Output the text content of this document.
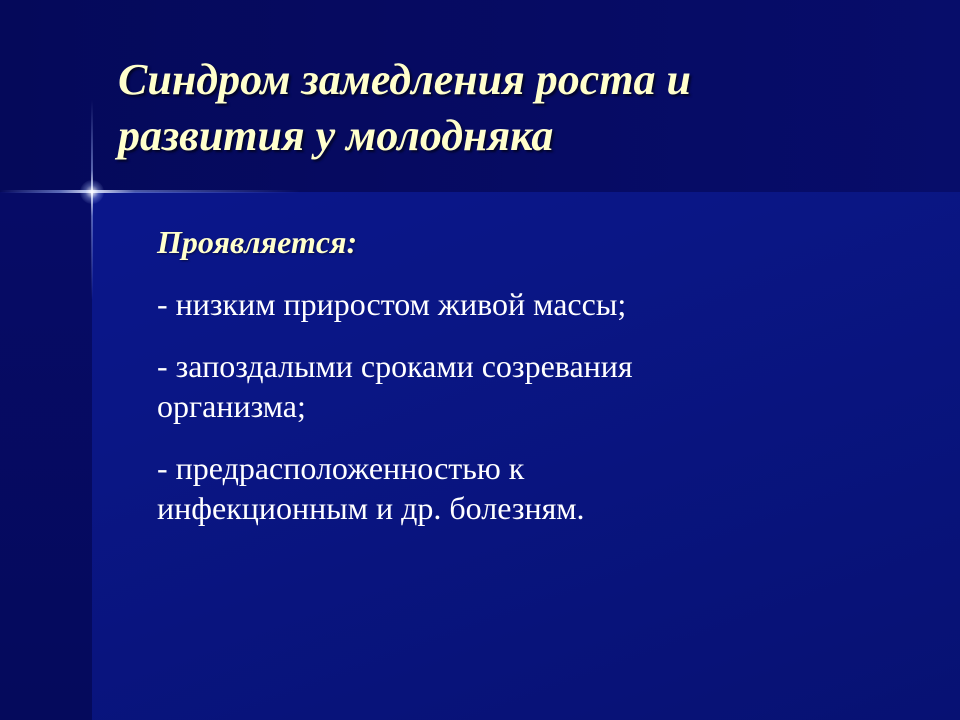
Синдром замедления роста и
развития у молодняка
Проявляется:
- низким приростом живой массы;
- запоздалыми сроками созревания
организма;
- предрасположенностью к
инфекционным и др. болезням.
